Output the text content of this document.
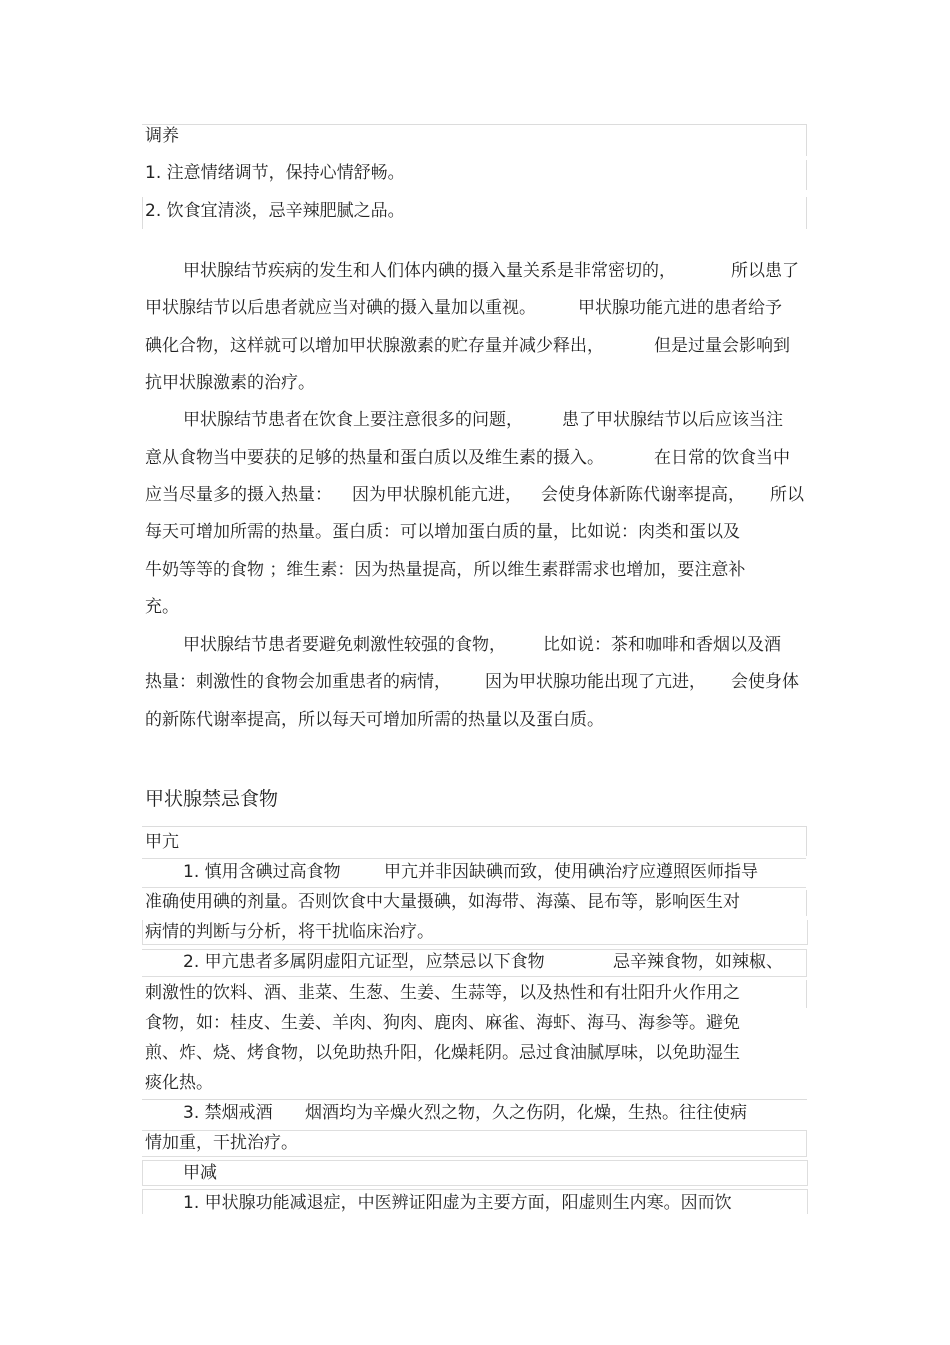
调养
1. 注意情绪调节，保持心情舒畅。
2. 饮食宜清淡，忌辛辣肥腻之品。
甲状腺结节疾病的发生和人们体内碘的摄入量关系是非常密切的，	所以患了
甲状腺结节以后患者就应当对碘的摄入量加以重视。 甲状腺功能亢进的患者给予
碘化合物，这样就可以增加甲状腺激素的贮存量并减少释出，	但是过量会影响到
抗甲状腺激素的治疗。
甲状腺结节患者在饮食上要注意很多的问题， 患了甲状腺结节以后应该当注
意从食物当中要获的足够的热量和蛋白质以及维生素的摄入。	在日常的饮食当中
应当尽量多的摄入热量： 因为甲状腺机能亢进， 会使身体新陈代谢率提高， 所以
每天可增加所需的热量。蛋白质：可以增加蛋白质的量，比如说：肉类和蛋以及
牛奶等等的食物 ；维生素：因为热量提高，所以维生素群需求也增加，要注意补
充。
甲状腺结节患者要避免刺激性较强的食物， 比如说：茶和咖啡和香烟以及酒
热量：刺激性的食物会加重患者的病情， 因为甲状腺功能出现了亢进， 会使身体
的新陈代谢率提高，所以每天可增加所需的热量以及蛋白质。
甲状腺禁忌食物
甲亢
1. 慎用含碘过高食物	甲亢并非因缺碘而致，使用碘治疗应遵照医师指导
准确使用碘的剂量。否则饮食中大量摄碘，如海带、海藻、昆布等，影响医生对
病情的判断与分析，将干扰临床治疗。
2. 甲亢患者多属阴虚阳亢证型，应禁忌以下食物	忌辛辣食物，如辣椒、
刺激性的饮料、酒、韭菜、生葱、生姜、生蒜等，以及热性和有壮阳升火作用之
食物，如：桂皮、生姜、羊肉、狗肉、鹿肉、麻雀、海虾、海马、海参等。避免
煎、炸、烧、烤食物，以免助热升阳，化燥耗阴。忌过食油腻厚味，以免助湿生
痰化热。
3. 禁烟戒酒 烟酒均为辛燥火烈之物，久之伤阴，化燥，生热。往往使病
情加重，干扰治疗。
甲减
1. 甲状腺功能减退症，中医辨证阳虚为主要方面，阳虚则生内寒。因而饮
